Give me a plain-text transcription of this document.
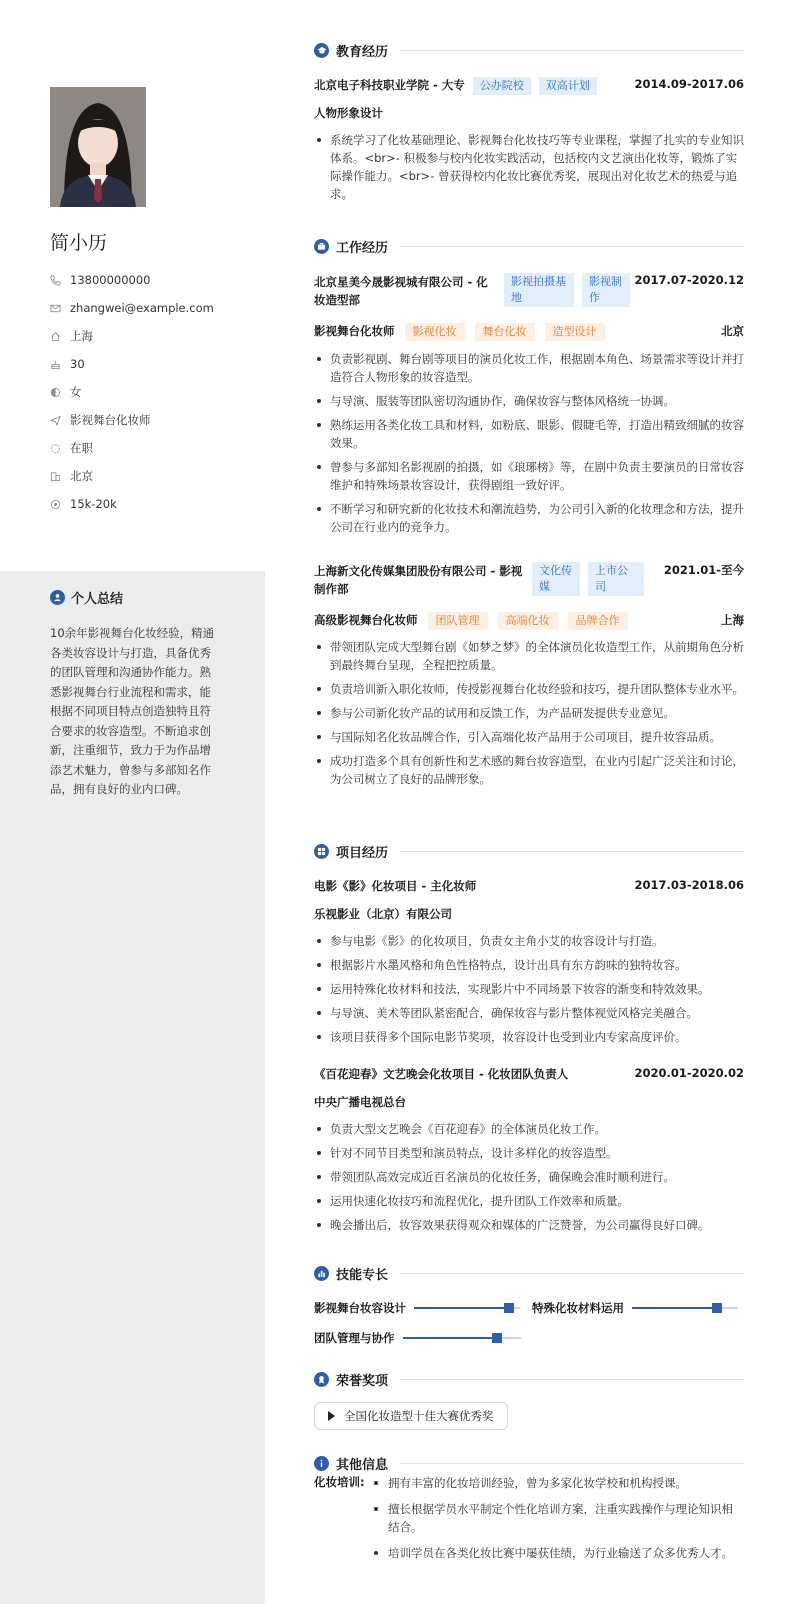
简小历
13800000000
zhangwei@example.com
上海
30
女
影视舞台化妆师
在职
北京
15k-20k
个人总结
10余年影视舞台化妆经验，精通各类妆容设计与打造，具备优秀的团队管理和沟通协作能力。熟悉影视舞台行业流程和需求，能根据不同项目特点创造独特且符合要求的妆容造型。不断追求创新，注重细节，致力于为作品增添艺术魅力，曾参与多部知名作品，拥有良好的业内口碑。
教育经历
北京电子科技职业学院 - 大专	公办院校	双高计划	2014.09-2017.06
人物形象设计
系统学习了化妆基础理论、影视舞台化妆技巧等专业课程，掌握了扎实的专业知识体系。<br>- 积极参与校内化妆实践活动，包括校内文艺演出化妆等，锻炼了实际操作能力。<br>- 曾获得校内化妆比赛优秀奖，展现出对化妆艺术的热爱与追求。
工作经历
北京星美今晟影视城有限公司 - 化妆造型部
影视拍摄基地
影视制作
2017.07-2020.12
影视舞台化妆师	影视化妆	舞台化妆	造型设计	北京
负责影视剧、舞台剧等项目的演员化妆工作，根据剧本角色、场景需求等设计并打造符合人物形象的妆容造型。
与导演、服装等团队密切沟通协作，确保妆容与整体风格统一协调。
熟练运用各类化妆工具和材料，如粉底、眼影、假睫毛等，打造出精致细腻的妆容效果。
曾参与多部知名影视剧的拍摄，如《琅琊榜》等，在剧中负责主要演员的日常妆容维护和特殊场景妆容设计，获得剧组一致好评。
不断学习和研究新的化妆技术和潮流趋势，为公司引入新的化妆理念和方法，提升公司在行业内的竞争力。
上海新文化传媒集团股份有限公司 - 影视制作部
文化传媒
上市公司
2021.01-至今
高级影视舞台化妆师	团队管理	高端化妆	品牌合作	上海
带领团队完成大型舞台剧《如梦之梦》的全体演员化妆造型工作，从前期角色分析到最终舞台呈现，全程把控质量。
负责培训新入职化妆师，传授影视舞台化妆经验和技巧，提升团队整体专业水平。
参与公司新化妆产品的试用和反馈工作，为产品研发提供专业意见。
与国际知名化妆品牌合作，引入高端化妆产品用于公司项目，提升妆容品质。
成功打造多个具有创新性和艺术感的舞台妆容造型，在业内引起广泛关注和讨论，为公司树立了良好的品牌形象。
项目经历
电影《影》化妆项目 - 主化妆师	2017.03-2018.06
乐视影业（北京）有限公司
参与电影《影》的化妆项目，负责女主角小艾的妆容设计与打造。
根据影片水墨风格和角色性格特点，设计出具有东方韵味的独特妆容。
运用特殊化妆材料和技法，实现影片中不同场景下妆容的渐变和特效效果。
与导演、美术等团队紧密配合，确保妆容与影片整体视觉风格完美融合。
该项目获得多个国际电影节奖项，妆容设计也受到业内专家高度评价。
《百花迎春》文艺晚会化妆项目 - 化妆团队负责人	2020.01-2020.02
中央广播电视总台
负责大型文艺晚会《百花迎春》的全体演员化妆工作。
针对不同节目类型和演员特点，设计多样化的妆容造型。
带领团队高效完成近百名演员的化妆任务，确保晚会准时顺利进行。
运用快速化妆技巧和流程优化，提升团队工作效率和质量。
晚会播出后，妆容效果获得观众和媒体的广泛赞誉，为公司赢得良好口碑。
技能专长
影视舞台妆容设计	特殊化妆材料运用
团队管理与协作
荣誉奖项
全国化妆造型十佳大赛优秀奖
其他信息
化妆培训:	拥有丰富的化妆培训经验，曾为多家化妆学校和机构授课。
擅长根据学员水平制定个性化培训方案，注重实践操作与理论知识相结合。
培训学员在各类化妆比赛中屡获佳绩，为行业输送了众多优秀人才。
